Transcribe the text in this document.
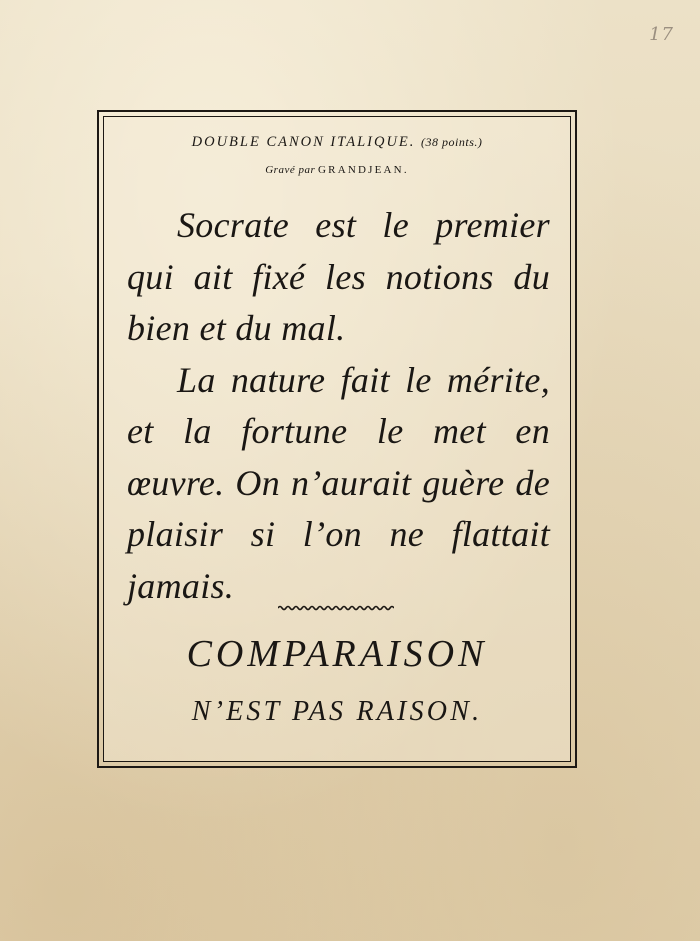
17
DOUBLE CANON ITALIQUE. (38 points.)
Gravé par GRANDJEAN.

Socrate est le premier qui ait fixé les notions du bien et du mal.

La nature fait le mérite, et la fortune le met en œuvre. On n’aurait guère de plaisir si l’on ne flattait jamais.

COMPARAISON
N’EST PAS RAISON.
